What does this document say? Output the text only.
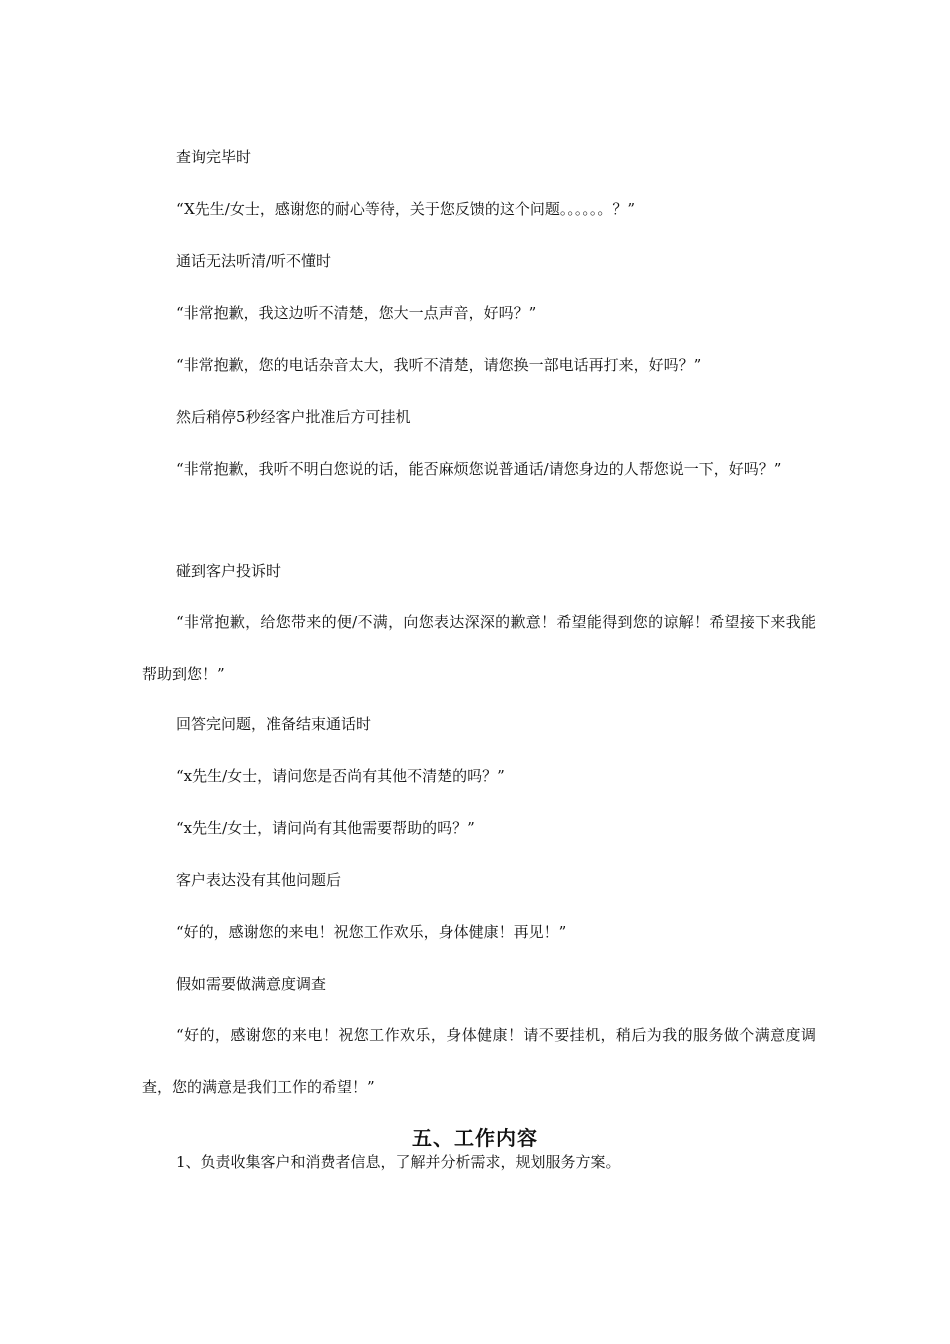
查询完毕时

“X先生/女士，感谢您的耐心等待，关于您反馈的这个问题。。。。。。？”

通话无法听清/听不懂时

“非常抱歉，我这边听不清楚，您大一点声音，好吗？”

“非常抱歉，您的电话杂音太大，我听不清楚，请您换一部电话再打来，好吗？”

然后稍停5秒经客户批准后方可挂机

“非常抱歉，我听不明白您说的话，能否麻烦您说普通话/请您身边的人帮您说一下，好吗？”

碰到客户投诉时

“非常抱歉，给您带来的便/不满，向您表达深深的歉意！希望能得到您的谅解！希望接下来我能帮助到您！”

回答完问题，准备结束通话时

“x先生/女士，请问您是否尚有其他不清楚的吗？”

“x先生/女士，请问尚有其他需要帮助的吗？”

客户表达没有其他问题后

“好的，感谢您的来电！祝您工作欢乐，身体健康！再见！”

假如需要做满意度调查

“好的，感谢您的来电！祝您工作欢乐，身体健康！请不要挂机，稍后为我的服务做个满意度调查，您的满意是我们工作的希望！”

五、工作内容

1、负责收集客户和消费者信息，了解并分析需求，规划服务方案。
